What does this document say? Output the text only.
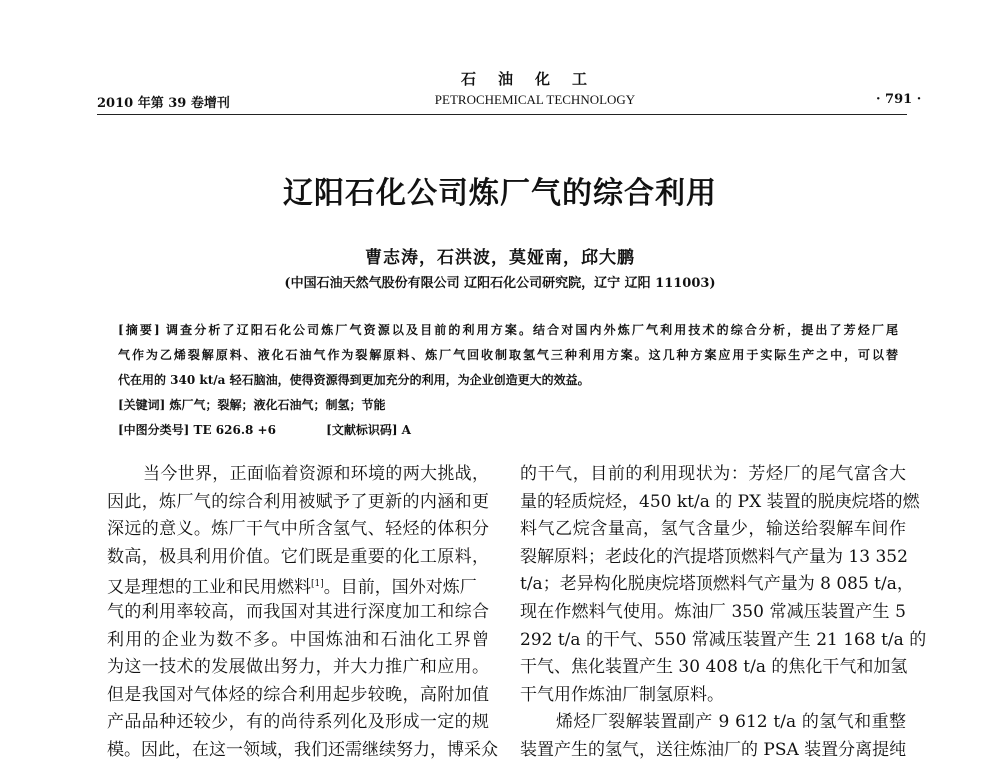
石油化工
2010 年第 39 卷增刊	PETROCHEMICAL TECHNOLOGY	· 791 ·
辽阳石化公司炼厂气的综合利用
曹志涛，石洪波，莫娅南，邱大鹏
(中国石油天然气股份有限公司 辽阳石化公司研究院，辽宁 辽阳 111003)
[摘要] 调查分析了辽阳石化公司炼厂气资源以及目前的利用方案。结合对国内外炼厂气利用技术的综合分析，提出了芳烃厂尾
气作为乙烯裂解原料、液化石油气作为裂解原料、炼厂气回收制取氢气三种利用方案。这几种方案应用于实际生产之中，可以替
代在用的 340 kt/a 轻石脑油，使得资源得到更加充分的利用，为企业创造更大的效益。
[关键词] 炼厂气；裂解；液化石油气；制氢；节能
[中图分类号] TE 626.8 +6	[文献标识码] A
当今世界，正面临着资源和环境的两大挑战，
因此，炼厂气的综合利用被赋予了更新的内涵和更
深远的意义。炼厂干气中所含氢气、轻烃的体积分
数高，极具利用价值。它们既是重要的化工原料，
又是理想的工业和民用燃料[1]。目前，国外对炼厂
气的利用率较高，而我国对其进行深度加工和综合
利用的企业为数不多。中国炼油和石油化工界曾
为这一技术的发展做出努力，并大力推广和应用。
但是我国对气体烃的综合利用起步较晚，高附加值
产品品种还较少，有的尚待系列化及形成一定的规
模。因此，在这一领域，我们还需继续努力，博采众
的干气，目前的利用现状为：芳烃厂的尾气富含大
量的轻质烷烃，450 kt/a 的 PX 装置的脱庚烷塔的燃
料气乙烷含量高，氢气含量少，输送给裂解车间作
裂解原料；老歧化的汽提塔顶燃料气产量为 13 352
t/a；老异构化脱庚烷塔顶燃料气产量为 8 085 t/a，
现在作燃料气使用。炼油厂 350 常减压装置产生 5
292 t/a 的干气、550 常减压装置产生 21 168 t/a 的
干气、焦化装置产生 30 408 t/a 的焦化干气和加氢
干气用作炼油厂制氢原料。
烯烃厂裂解装置副产 9 612 t/a 的氢气和重整
装置产生的氢气，送往炼油厂的 PSA 装置分离提纯
